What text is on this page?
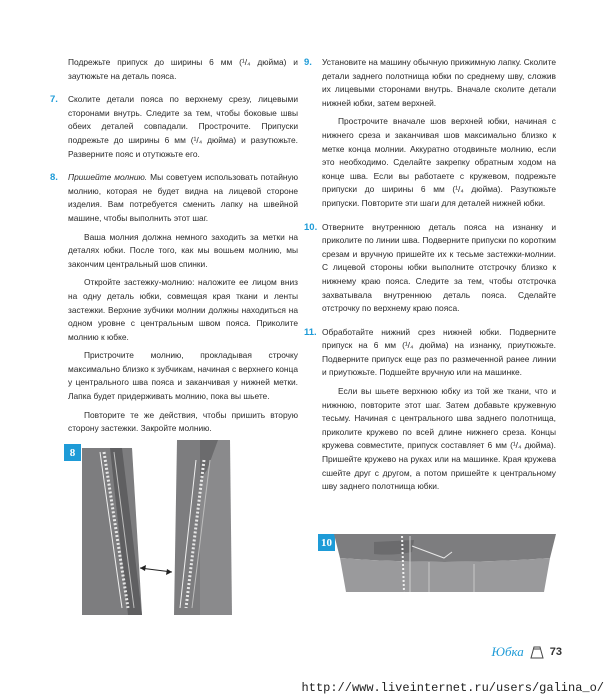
Подрежьте припуск до ширины 6 мм (¹/₄ дюйма) и заутюжьте на деталь пояса.

7.	Сколите детали пояса по верхнему срезу, лицевыми сторонами внутрь. Следите за тем, чтобы боковые швы обеих деталей совпадали. Прострочите. Припуски подрежьте до ширины 6 мм (¹/₄ дюйма) и разутюжьте. Разверните пояс и отутюжьте его.

8.	Пришейте молнию. Мы советуем использовать потайную молнию, которая не будет видна на лицевой стороне изделия. Вам потребуется сменить лапку на швейной машине, чтобы выполнить этот шаг.

Ваша молния должна немного заходить за метки на деталях юбки. После того, как мы вошьем молнию, мы закончим центральный шов спинки.

Откройте застежку-молнию: наложите ее лицом вниз на одну деталь юбки, совмещая края ткани и ленты застежки. Верхние зубчики молнии должны находиться на одном уровне с центральным швом пояса. Приколите молнию к юбке.

Пристрочите молнию, прокладывая строчку максимально близко к зубчикам, начиная с верхнего конца у центрального шва пояса и заканчивая у нижней метки. Лапка будет придерживать молнию, пока вы шьете.

Повторите те же действия, чтобы пришить вторую сторону застежки. Закройте молнию.

8
9.	Установите на машину обычную прижимную лапку. Сколите детали заднего полотнища юбки по среднему шву, сложив их лицевыми сторонами внутрь. Вначале сколите детали нижней юбки, затем верхней.

Прострочите вначале шов верхней юбки, начиная с нижнего среза и заканчивая шов максимально близко к метке конца молнии. Аккуратно отодвиньте молнию, если это необходимо. Сделайте закрепку обратным ходом на конце шва. Если вы работаете с кружевом, подрежьте припуски до ширины 6 мм (¹/₄ дюйма). Разутюжьте припуски. Повторите эти шаги для деталей нижней юбки.

10. Отверните внутреннюю деталь пояса на изнанку и приколите по линии шва. Подверните припуски по коротким срезам и вручную пришейте их к тесьме застежки-молнии. С лицевой стороны юбки выполните отстрочку близко к нижнему краю пояса. Следите за тем, чтобы отстрочка захватывала внутреннюю деталь пояса. Сделайте отстрочку по верхнему краю пояса.

11. Обработайте нижний срез нижней юбки. Подверните припуск на 6 мм (¹/₄ дюйма) на изнанку, приутюжьте. Подверните припуск еще раз по размеченной ранее линии и приутюжьте. Подшейте вручную или на машинке.

Если вы шьете верхнюю юбку из той же ткани, что и нижнюю, повторите этот шаг. Затем добавьте кружевную тесьму. Начиная с центрального шва заднего полотнища, приколите кружево по всей длине нижнего среза. Концы кружева совместите, припуск составляет 6 мм (¹/₄ дюйма). Пришейте кружево на руках или на машинке. Края кружева сшейте друг с другом, а потом пришейте к центральному шву заднего полотнища юбки.

10
Юбка 73
http://www.liveinternet.ru/users/galina_o/
